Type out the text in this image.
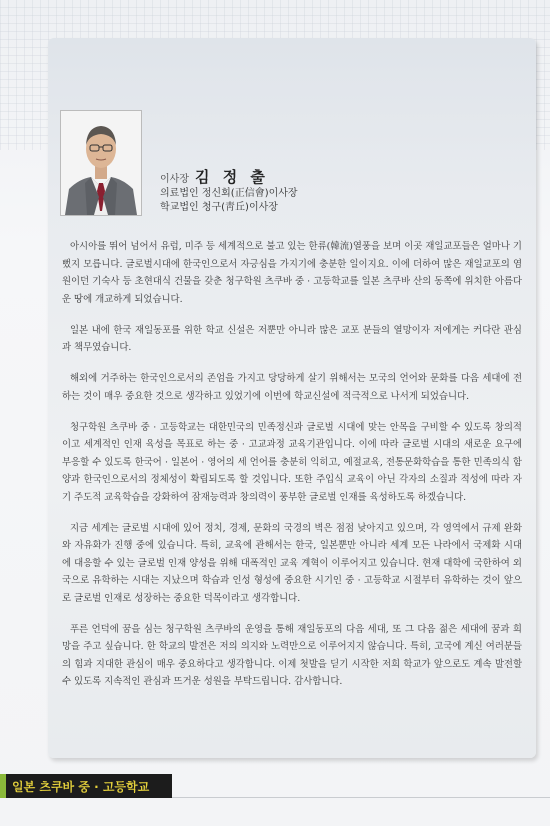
이사장 김 정 출
의료법인 정신회(正信會)이사장
학교법인 청구(靑丘)이사장

아시아를 뛰어 넘어서 유럽, 미주 등 세계적으로 불고 있는 한류(韓流)열풍을 보며 이곳 재일교포들은 얼마나 기뻤지 모릅니다. 글로벌시대에 한국인으로서 자긍심을 가지기에 충분한 일이지요. 이에 더하여 많은 재일교포의 염원이던 기숙사 등 초현대식 건물을 갖춘 청구학원 츠쿠바 중 · 고등학교를 일본 츠쿠바 산의 동쪽에 위치한 아름다운 땅에 개교하게 되었습니다.

일본 내에 한국 재일동포를 위한 학교 신설은 저뿐만 아니라 많은 교포 분들의 열망이자 저에게는 커다란 관심과 책무였습니다.

해외에 거주하는 한국인으로서의 존엄을 가지고 당당하게 살기 위해서는 모국의 언어와 문화를 다음 세대에 전하는 것이 매우 중요한 것으로 생각하고 있었기에 이번에 학교신설에 적극적으로 나서게 되었습니다.

청구학원 츠쿠바 중 · 고등학교는 대한민국의 민족정신과 글로벌 시대에 맞는 안목을 구비할 수 있도록 창의적이고 세계적인 인재 육성을 목표로 하는 중 · 고교과정 교육기관입니다. 이에 따라 글로벌 시대의 새로운 요구에 부응할 수 있도록 한국어 · 일본어 · 영어의 세 언어를 충분히 익히고, 예절교육, 전통문화학습을 통한 민족의식 함양과 한국인으로서의 정체성이 확립되도록 할 것입니다. 또한 주입식 교육이 아닌 각자의 소질과 적성에 따라 자기 주도적 교육학습을 강화하여 잠재능력과 창의력이 풍부한 글로벌 인재를 육성하도록 하겠습니다.

지금 세계는 글로벌 시대에 있어 정치, 경제, 문화의 국경의 벽은 점점 낮아지고 있으며, 각 영역에서 규제 완화와 자유화가 진행 중에 있습니다. 특히, 교육에 관해서는 한국, 일본뿐만 아니라 세계 모든 나라에서 국제화 시대에 대응할 수 있는 글로벌 인재 양성을 위해 대폭적인 교육 계혁이 이루어지고 있습니다. 현재 대학에 국한하여 외국으로 유학하는 시대는 지났으며 학습과 인성 형성에 중요한 시기인 중 · 고등학교 시절부터 유학하는 것이 앞으로 글로벌 인재로 성장하는 중요한 덕목이라고 생각합니다.

푸른 언덕에 꿈을 심는 청구학원 츠쿠바의 운영을 통해 재일동포의 다음 세대, 또 그 다음 젊은 세대에 꿈과 희망을 주고 싶습니다. 한 학교의 발전은 저의 의지와 노력만으로 이루어지지 않습니다. 특히, 고국에 계신 여러분들의 힘과 지대한 관심이 매우 중요하다고 생각합니다. 이제 첫발을 딛기 시작한 저희 학교가 앞으로도 계속 발전할 수 있도록 지속적인 관심과 뜨거운 성원을 부탁드립니다. 감사합니다.

일본 츠쿠바 중 · 고등학교
